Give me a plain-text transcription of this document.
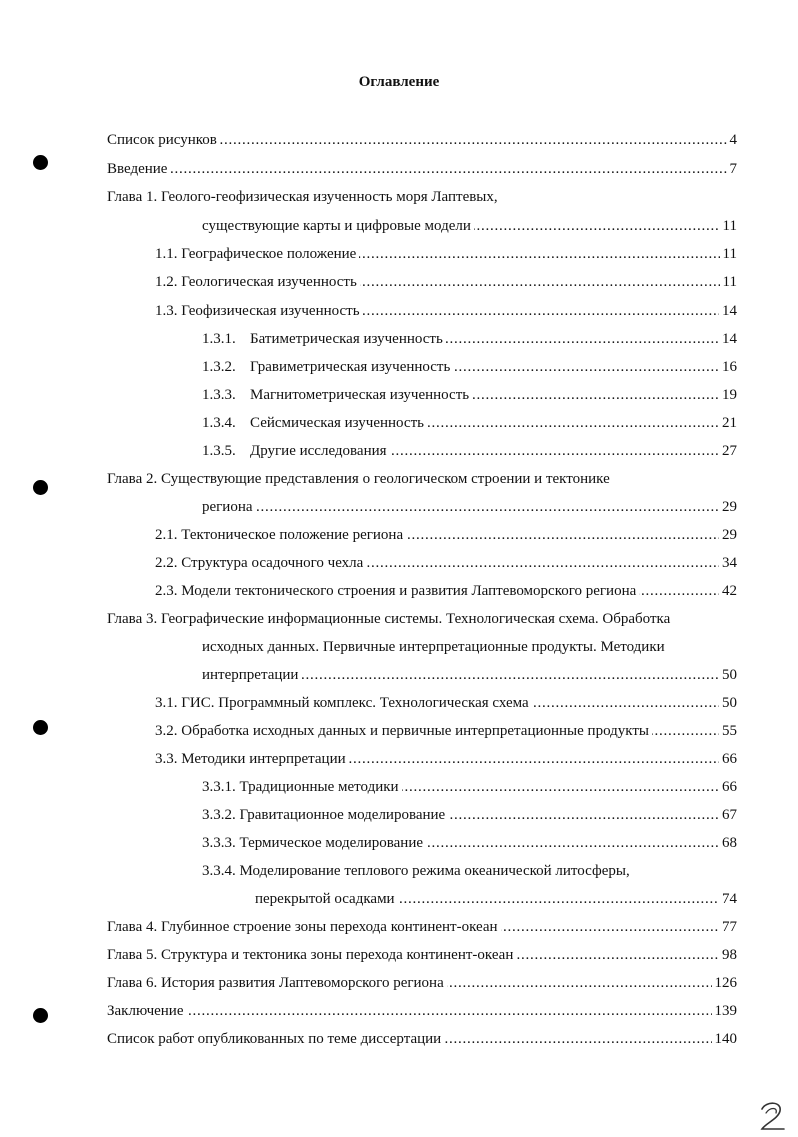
Оглавление
Список рисунков	4
. . .
Введение	7
. . .
Глава 1. Геолого-геофизическая изученность моря Лаптевых,
существующие карты и цифровые модели	11
. . .
1.1. Географическое положение	11
. . .
1.2. Геологическая изученность	11
. . .
1.3. Геофизическая изученность	14
. . .
1.3.1. Батиметрическая изученность	14
. . .
1.3.2. Гравиметрическая изученность	16
. . .
1.3.3. Магнитометрическая изученность	19
. . .
1.3.4. Сейсмическая изученность	21
. . .
1.3.5. Другие исследования	27
. . .
Глава 2. Существующие представления о геологическом строении и тектонике
региона	29
. . .
2.1. Тектоническое положение региона	29
. . .
2.2. Структура осадочного чехла	34
. . .
2.3. Модели тектонического строения и развития Лаптевоморского региона	42
. . .
Глава 3. Географические информационные системы. Технологическая схема. Обработка
исходных данных. Первичные интерпретационные продукты. Методики
интерпретации	50
. . .
3.1. ГИС. Программный комплекс. Технологическая схема	50
. . .
3.2. Обработка исходных данных и первичные интерпретационные продукты	55
. . .
3.3. Методики интерпретации	66
. . .
3.3.1. Традиционные методики	66
. . .
3.3.2. Гравитационное моделирование	67
. . .
3.3.3. Термическое моделирование	68
. . .
3.3.4. Моделирование теплового режима океанической литосферы,
перекрытой осадками	74
. . .
Глава 4. Глубинное строение зоны перехода континент-океан	77
. . .
Глава 5. Структура и тектоника зоны перехода континент-океан	98
. . .
Глава 6. История развития Лаптевоморского региона	126
. . .
Заключение	139
. . .
Список работ опубликованных по теме диссертации	140
. . .
